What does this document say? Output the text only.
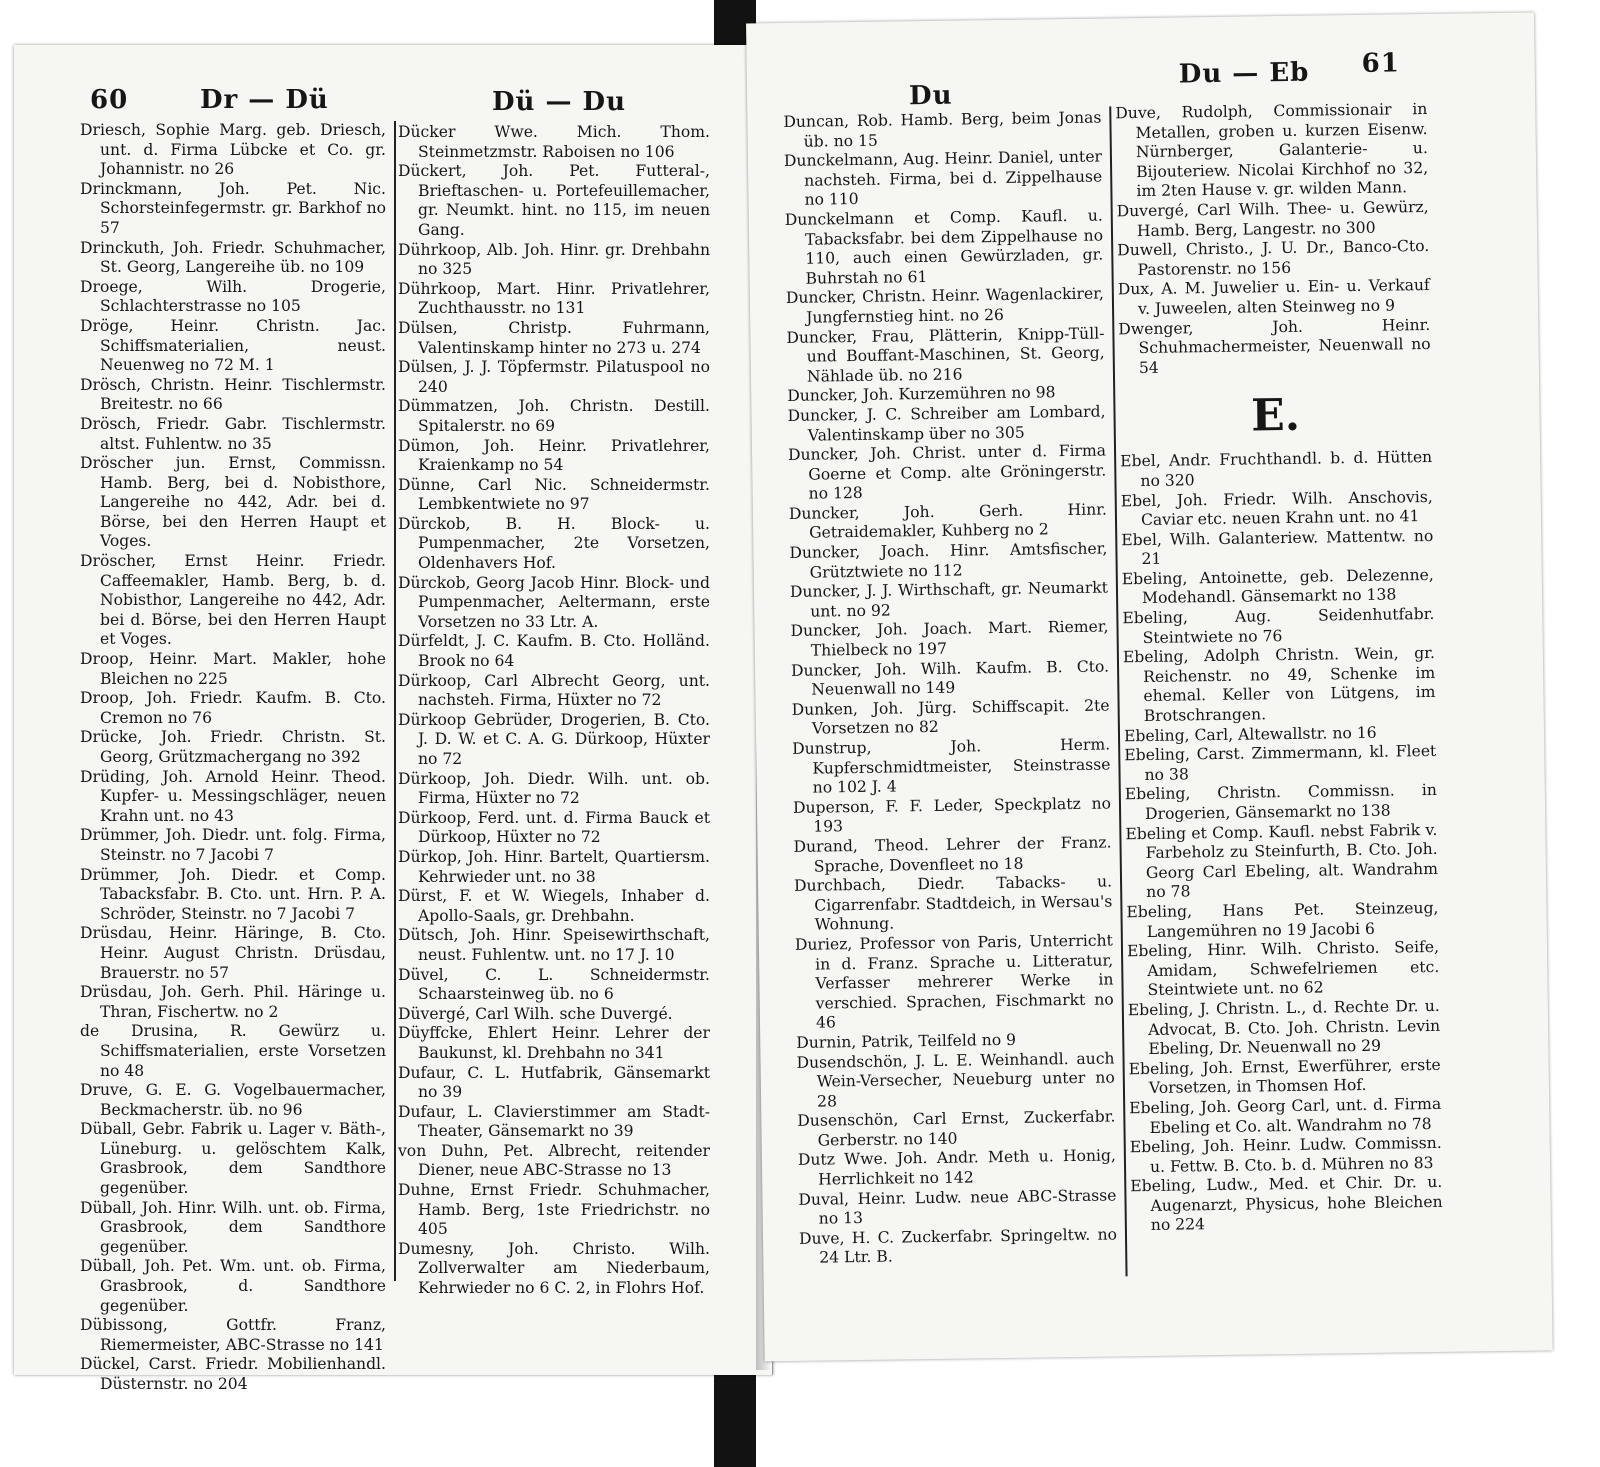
60	Dr — Dü	Dü — Du

Driesch, Sophie Marg. geb. Driesch, unt. d. Firma Lübcke et Co. gr. Johannistr. no 26

Drinckmann, Joh. Pet. Nic. Schorsteinfegermstr. gr. Barkhof no 57

Drinckuth, Joh. Friedr. Schuhmacher, St. Georg, Langereihe üb. no 109

Droege, Wilh. Drogerie, Schlachterstrasse no 105

Dröge, Heinr. Christn. Jac. Schiffsmaterialien, neust. Neuenweg no 72 M. 1

Drösch, Christn. Heinr. Tischlermstr. Breitestr. no 66

Drösch, Friedr. Gabr. Tischlermstr. altst. Fuhlentw. no 35

Dröscher jun. Ernst, Commissn. Hamb. Berg, bei d. Nobisthore, Langereihe no 442, Adr. bei d. Börse, bei den Herren Haupt et Voges.

Dröscher, Ernst Heinr. Friedr. Caffeemakler, Hamb. Berg, b. d. Nobisthor, Langereihe no 442, Adr. bei d. Börse, bei den Herren Haupt et Voges.

Droop, Heinr. Mart. Makler, hohe Bleichen no 225

Droop, Joh. Friedr. Kaufm. B. Cto. Cremon no 76

Drücke, Joh. Friedr. Christn. St. Georg, Grützmachergang no 392

Drüding, Joh. Arnold Heinr. Theod. Kupfer- u. Messingschläger, neuen Krahn unt. no 43

Drümmer, Joh. Diedr. unt. folg. Firma, Steinstr. no 7 Jacobi 7

Drümmer, Joh. Diedr. et Comp. Tabacksfabr. B. Cto. unt. Hrn. P. A. Schröder, Steinstr. no 7 Jacobi 7

Drüsdau, Heinr. Häringe, B. Cto. Heinr. August Christn. Drüsdau, Brauerstr. no 57

Drüsdau, Joh. Gerh. Phil. Häringe u. Thran, Fischertw. no 2

de Drusina, R. Gewürz u. Schiffsmaterialien, erste Vorsetzen no 48

Druve, G. E. G. Vogelbauermacher, Beckmacherstr. üb. no 96

Düball, Gebr. Fabrik u. Lager v. Bäth-, Lüneburg. u. gelöschtem Kalk, Grasbrook, dem Sandthore gegenüber.

Düball, Joh. Hinr. Wilh. unt. ob. Firma, Grasbrook, dem Sandthore gegenüber.

Düball, Joh. Pet. Wm. unt. ob. Firma, Grasbrook, d. Sandthore gegenüber.

Dübissong, Gottfr. Franz, Riemermeister, ABC-Strasse no 141

Dückel, Carst. Friedr. Mobilienhandl. Düsternstr. no 204

Dücker Wwe. Mich. Thom. Steinmetzmstr. Raboisen no 106

Dückert, Joh. Pet. Futteral-, Brieftaschen- u. Portefeuillemacher, gr. Neumkt. hint. no 115, im neuen Gang.

Dührkoop, Alb. Joh. Hinr. gr. Drehbahn no 325

Dührkoop, Mart. Hinr. Privatlehrer, Zuchthausstr. no 131

Dülsen, Christp. Fuhrmann, Valentinskamp hinter no 273 u. 274

Dülsen, J. J. Töpfermstr. Pilatuspool no 240

Dümmatzen, Joh. Christn. Destill. Spitalerstr. no 69

Dümon, Joh. Heinr. Privatlehrer, Kraienkamp no 54

Dünne, Carl Nic. Schneidermstr. Lembkentwiete no 97

Dürckob, B. H. Block- u. Pumpenmacher, 2te Vorsetzen, Oldenhavers Hof.

Dürckob, Georg Jacob Hinr. Block- und Pumpenmacher, Aeltermann, erste Vorsetzen no 33 Ltr. A.

Dürfeldt, J. C. Kaufm. B. Cto. Holländ. Brook no 64

Dürkoop, Carl Albrecht Georg, unt. nachsteh. Firma, Hüxter no 72

Dürkoop Gebrüder, Drogerien, B. Cto. J. D. W. et C. A. G. Dürkoop, Hüxter no 72

Dürkoop, Joh. Diedr. Wilh. unt. ob. Firma, Hüxter no 72

Dürkoop, Ferd. unt. d. Firma Bauck et Dürkoop, Hüxter no 72

Dürkop, Joh. Hinr. Bartelt, Quartiersm. Kehrwieder unt. no 38

Dürst, F. et W. Wiegels, Inhaber d. Apollo-Saals, gr. Drehbahn.

Dütsch, Joh. Hinr. Speisewirthschaft, neust. Fuhlentw. unt. no 17 J. 10

Düvel, C. L. Schneidermstr. Schaarsteinweg üb. no 6

Düvergé, Carl Wilh. sche Duvergé.

Düyffcke, Ehlert Heinr. Lehrer der Baukunst, kl. Drehbahn no 341

Dufaur, C. L. Hutfabrik, Gänsemarkt no 39

Dufaur, L. Clavierstimmer am Stadt-Theater, Gänsemarkt no 39

von Duhn, Pet. Albrecht, reitender Diener, neue ABC-Strasse no 13

Duhne, Ernst Friedr. Schuhmacher, Hamb. Berg, 1ste Friedrichstr. no 405

Dumesny, Joh. Christo. Wilh. Zollverwalter am Niederbaum, Kehrwieder no 6 C. 2, in Flohrs Hof.

Du
Du — Eb 61

Duncan, Rob. Hamb. Berg, beim Jonas üb. no 15

Dunckelmann, Aug. Heinr. Daniel, unter nachsteh. Firma, bei d. Zippelhause no 110

Dunckelmann et Comp. Kaufl. u. Tabacksfabr. bei dem Zippelhause no 110, auch einen Gewürzladen, gr. Buhrstah no 61

Duncker, Christn. Heinr. Wagenlackirer, Jungfernstieg hint. no 26

Duncker, Frau, Plätterin, Knipp-Tüll- und Bouffant-Maschinen, St. Georg, Nählade üb. no 216

Duncker, Joh. Kurzemühren no 98

Duncker, J. C. Schreiber am Lombard, Valentinskamp über no 305

Duncker, Joh. Christ. unter d. Firma Goerne et Comp. alte Gröningerstr. no 128

Duncker, Joh. Gerh. Hinr. Getraidemakler, Kuhberg no 2

Duncker, Joach. Hinr. Amtsfischer, Grütztwiete no 112

Duncker, J. J. Wirthschaft, gr. Neumarkt unt. no 92

Duncker, Joh. Joach. Mart. Riemer, Thielbeck no 197

Duncker, Joh. Wilh. Kaufm. B. Cto. Neuenwall no 149

Dunken, Joh. Jürg. Schiffscapit. 2te Vorsetzen no 82

Dunstrup, Joh. Herm. Kupferschmidtmeister, Steinstrasse no 102 J. 4

Duperson, F. F. Leder, Speckplatz no 193

Durand, Theod. Lehrer der Franz. Sprache, Dovenfleet no 18

Durchbach, Diedr. Tabacks- u. Cigarrenfabr. Stadtdeich, in Wersau's Wohnung.

Duriez, Professor von Paris, Unterricht in d. Franz. Sprache u. Litteratur, Verfasser mehrerer Werke in verschied. Sprachen, Fischmarkt no 46

Durnin, Patrik, Teilfeld no 9

Dusendschön, J. L. E. Weinhandl. auch Wein-Versecher, Neueburg unter no 28

Dusenschön, Carl Ernst, Zuckerfabr. Gerberstr. no 140

Dutz Wwe. Joh. Andr. Meth u. Honig, Herrlichkeit no 142

Duval, Heinr. Ludw. neue ABC-Strasse no 13

Duve, H. C. Zuckerfabr. Springeltw. no 24 Ltr. B.

Duve, Rudolph, Commissionair in Metallen, groben u. kurzen Eisenw. Nürnberger, Galanterie- u. Bijouteriew. Nicolai Kirchhof no 32, im 2ten Hause v. gr. wilden Mann.

Duvergé, Carl Wilh. Thee- u. Gewürz, Hamb. Berg, Langestr. no 300

Duwell, Christo., J. U. Dr., Banco-Cto. Pastorenstr. no 156

Dux, A. M. Juwelier u. Ein- u. Verkauf v. Juweelen, alten Steinweg no 9

Dwenger, Joh. Heinr. Schuhmachermeister, Neuenwall no 54

E.

Ebel, Andr. Fruchthandl. b. d. Hütten no 320

Ebel, Joh. Friedr. Wilh. Anschovis, Caviar etc. neuen Krahn unt. no 41

Ebel, Wilh. Galanteriew. Mattentw. no 21

Ebeling, Antoinette, geb. Delezenne, Modehandl. Gänsemarkt no 138

Ebeling, Aug. Seidenhutfabr. Steintwiete no 76

Ebeling, Adolph Christn. Wein, gr. Reichenstr. no 49, Schenke im ehemal. Keller von Lütgens, im Brotschrangen.

Ebeling, Carl, Altewallstr. no 16

Ebeling, Carst. Zimmermann, kl. Fleet no 38

Ebeling, Christn. Commissn. in Drogerien, Gänsemarkt no 138

Ebeling et Comp. Kaufl. nebst Fabrik v. Farbeholz zu Steinfurth, B. Cto. Joh. Georg Carl Ebeling, alt. Wandrahm no 78

Ebeling, Hans Pet. Steinzeug, Langemühren no 19 Jacobi 6

Ebeling, Hinr. Wilh. Christo. Seife, Amidam, Schwefelriemen etc. Steintwiete unt. no 62

Ebeling, J. Christn. L., d. Rechte Dr. u. Advocat, B. Cto. Joh. Christn. Levin Ebeling, Dr. Neuenwall no 29

Ebeling, Joh. Ernst, Ewerführer, erste Vorsetzen, in Thomsen Hof.

Ebeling, Joh. Georg Carl, unt. d. Firma Ebeling et Co. alt. Wandrahm no 78

Ebeling, Joh. Heinr. Ludw. Commissn. u. Fettw. B. Cto. b. d. Mühren no 83

Ebeling, Ludw., Med. et Chir. Dr. u. Augenarzt, Physicus, hohe Bleichen no 224
